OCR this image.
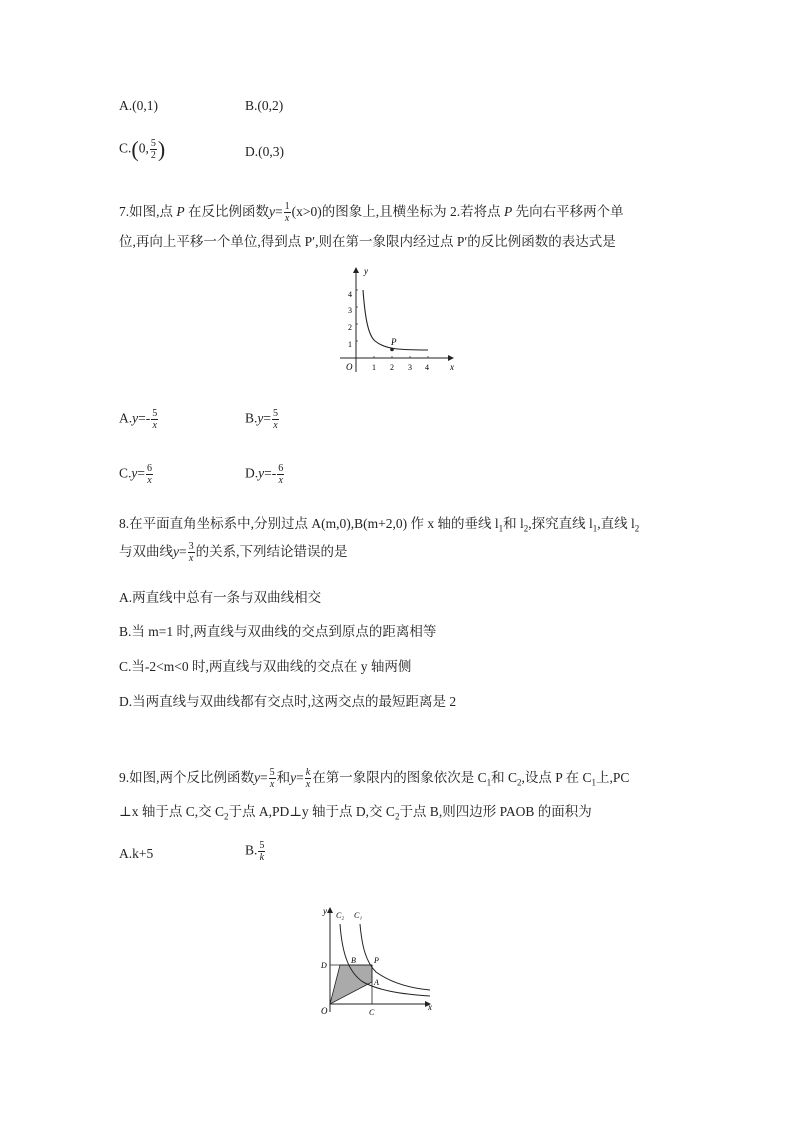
A.(0,1)	B.(0,2)
C.(0, $\frac{5}{2}$ )	D.(0,3)
7.如图,点 P 在反比例函数$y= \frac{1}{x} (x>0)$的图象上,且横坐标为 2.若将点 P 先向右平移两个单
位,再向上平移一个单位,得到点 P′,则在第一象限内经过点 P′的反比例函数的表达式是
y
x
O 1 2 3 4
1
2
3
4
P
$A.y=- \frac{5}{x}$	$B.y= \frac{5}{x}$
$C.y= \frac{6}{x}$	$D.y=- \frac{6}{x}$
8.在平面直角坐标系中,分别过点 A(m,0),B(m+2,0) 作 x 轴的垂线 $l_1$和 $l_2$,探究直线 $l_1$,直线 $l_2$
与双曲线$y= \frac{3}{x}$ 的关系,下列结论错误的是
A.两直线中总有一条与双曲线相交
B.当 m=1 时,两直线与双曲线的交点到原点的距离相等
C.当-2<m<0 时,两直线与双曲线的交点在 y 轴两侧
D.当两直线与双曲线都有交点时,这两交点的最短距离是 2
9.如图,两个反比例函数$y= \frac{5}{x}$ 和$y= \frac{k}{x}$ 在第一象限内的图象依次是 $C_1$和 $C_2$,设点 P 在 $C_1$上,PC
⊥x 轴于点 C,交 $C_2$于点 A,PD⊥y 轴于点 D,交 $C_2$于点 B,则四边形 PAOB 的面积为
A.k+5	B. $\frac{5}{k}$
y
x
O
C₂ C₁
D
B P
A
C
